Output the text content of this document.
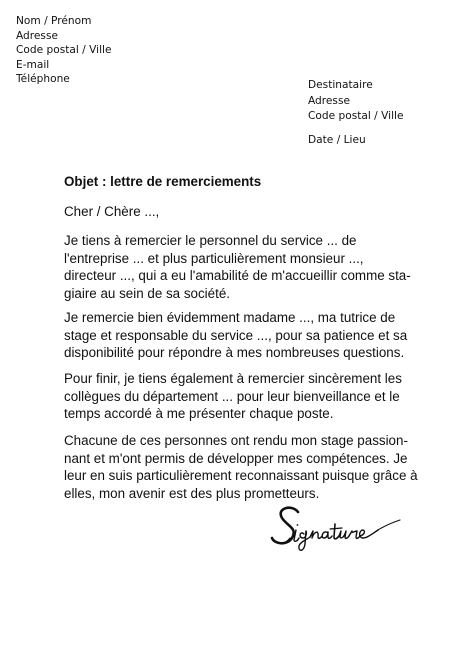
Nom / Prénom
Adresse
Code postal / Ville
E-mail
Téléphone	Destinataire
Adresse
Code postal / Ville
Date / Lieu
Objet : lettre de remerciements
Cher / Chère ...,
Je tiens à remercier le personnel du service ... de
l'entreprise ... et plus particulièrement monsieur ...,
directeur ..., qui a eu l'amabilité de m'accueillir comme sta-
giaire au sein de sa société.
Je remercie bien évidemment madame ..., ma tutrice de
stage et responsable du service ..., pour sa patience et sa
disponibilité pour répondre à mes nombreuses questions.
Pour finir, je tiens également à remercier sincèrement les
collègues du département ... pour leur bienveillance et le
temps accordé à me présenter chaque poste.
Chacune de ces personnes ont rendu mon stage passion-
nant et m'ont permis de développer mes compétences. Je
leur en suis particulièrement reconnaissant puisque grâce à
elles, mon avenir est des plus prometteurs.
